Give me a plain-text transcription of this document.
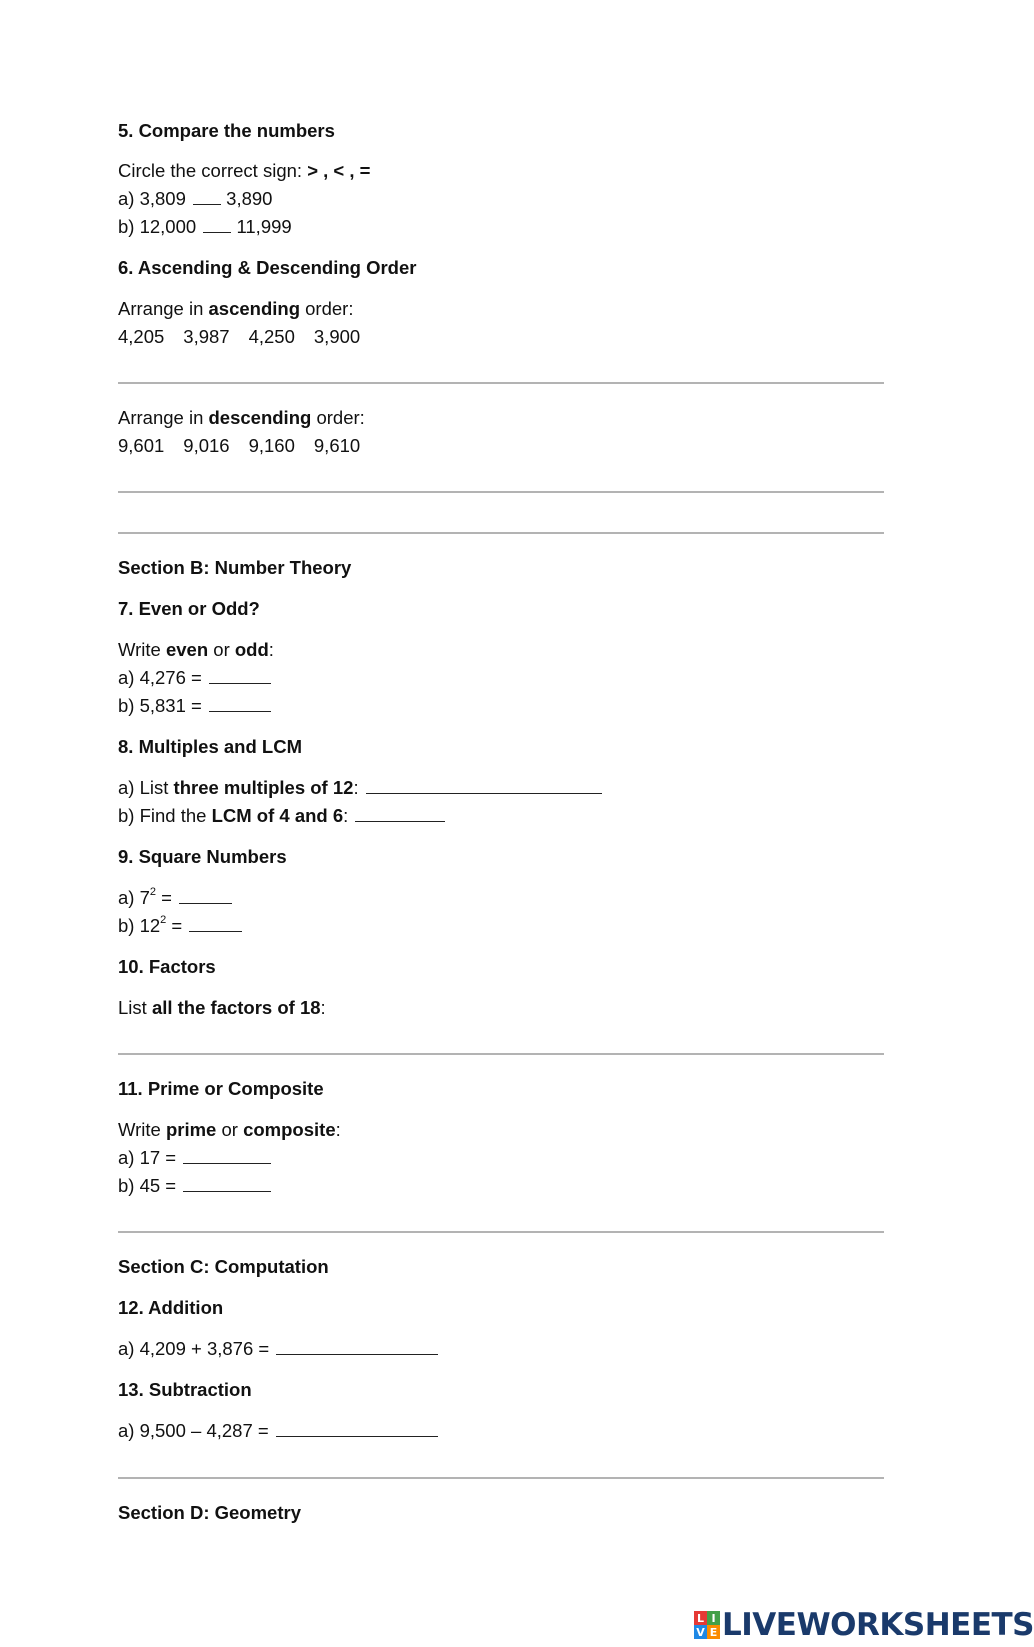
5. Compare the numbers
Circle the correct sign: > , < , =
a) 3,809 3,890
b) 12,000 11,999
6. Ascending & Descending Order
Arrange in ascending order:
4,205 3,987 4,250 3,900
Arrange in descending order:
9,601 9,016 9,160 9,610
Section B: Number Theory
7. Even or Odd?
Write even or odd:
a) 4,276 =
b) 5,831 =
8. Multiples and LCM
a) List three multiples of 12:
b) Find the LCM of 4 and 6:
9. Square Numbers
a) $7^2$ =
b) $12^2$ =
10. Factors
List all the factors of 18:
11. Prime or Composite
Write prime or composite:
a) 17 =
b) 45 =
Section C: Computation
12. Addition
a) 4,209 + 3,876 =
13. Subtraction
a) 9,500 – 4,287 =
Section D: Geometry
L I
V E LIVEWORKSHEETS
